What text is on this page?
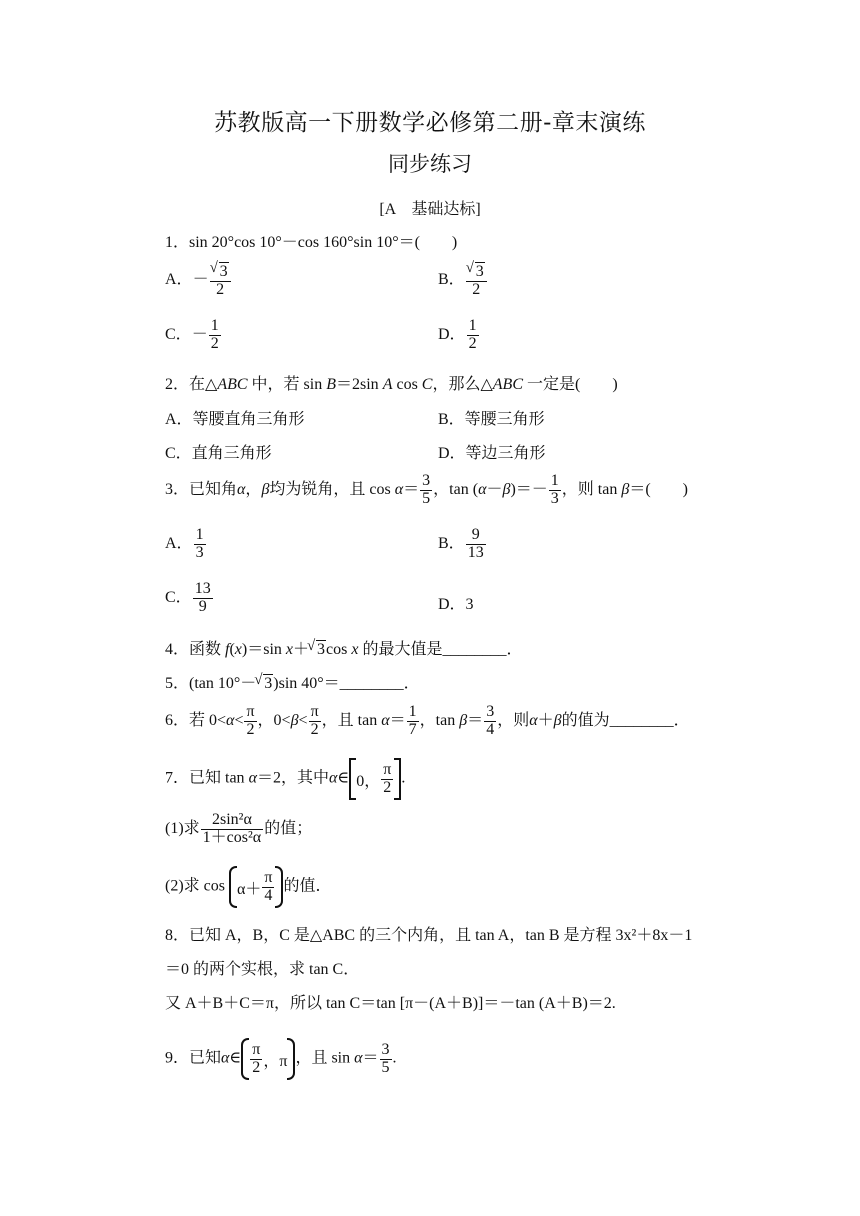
苏教版高一下册数学必修第二册-章末演练
同步练习
[A　基础达标]
1．sin 20°cos 10°－cos 160°sin 10°＝(　　)
A．－ √ $\frac{3}{2}$	B． √ $\frac{3}{2}$
C．－ $\frac{1}{2}$	D． $\frac{1}{2}$
2．在△ABC 中，若 sin B＝2sin A cos C，那么△ABC 一定是(　　)
A．等腰直角三角形	B．等腰三角形
C．直角三角形	D．等边三角形
3．已知角α，β均为锐角，且 $\cos \alpha= \frac{3}{5}$ ，$\tan (\alpha-\beta)=- \frac{1}{3}$ ，则 tan β＝(　　)
A． $\frac{1}{3}$	B． $\frac{9}{13}$
C． $\frac{13}{9}$	D．3
4．函数 f(x)＝sin x＋ √ 3cos x 的最大值是________．
5．(tan 10°－ √ 3)sin 40°＝________．
6．若 $0<\alpha< \frac{\pi}{2}$ ，$0<\beta< \frac{\pi}{2}$ ，且 $\tan \alpha= \frac{1}{7}$ ，$\tan \beta= \frac{3}{4}$ ，则α＋β的值为________．
7．已知 tan α＝2，其中α∈ 0， $\frac{\pi}{2}$ .
(1)求 $\frac{\text{2sin²α}}{\text{1＋cos²α}}$ 的值；
(2)求 $\cos \alpha+ \frac{\pi}{4}$ 的值．
8．已知 A，B，C 是△ABC 的三个内角，且 tan A，tan B 是方程 3x²＋8x－1
＝0 的两个实根，求 tan C．
又 A＋B＋C＝π，所以 tan C＝tan [π－(A＋B)]＝－tan (A＋B)＝2.
9．已知α∈ $\frac{\pi}{2}$ ，π ，且 $\sin \alpha= \frac{3}{5}$ .
